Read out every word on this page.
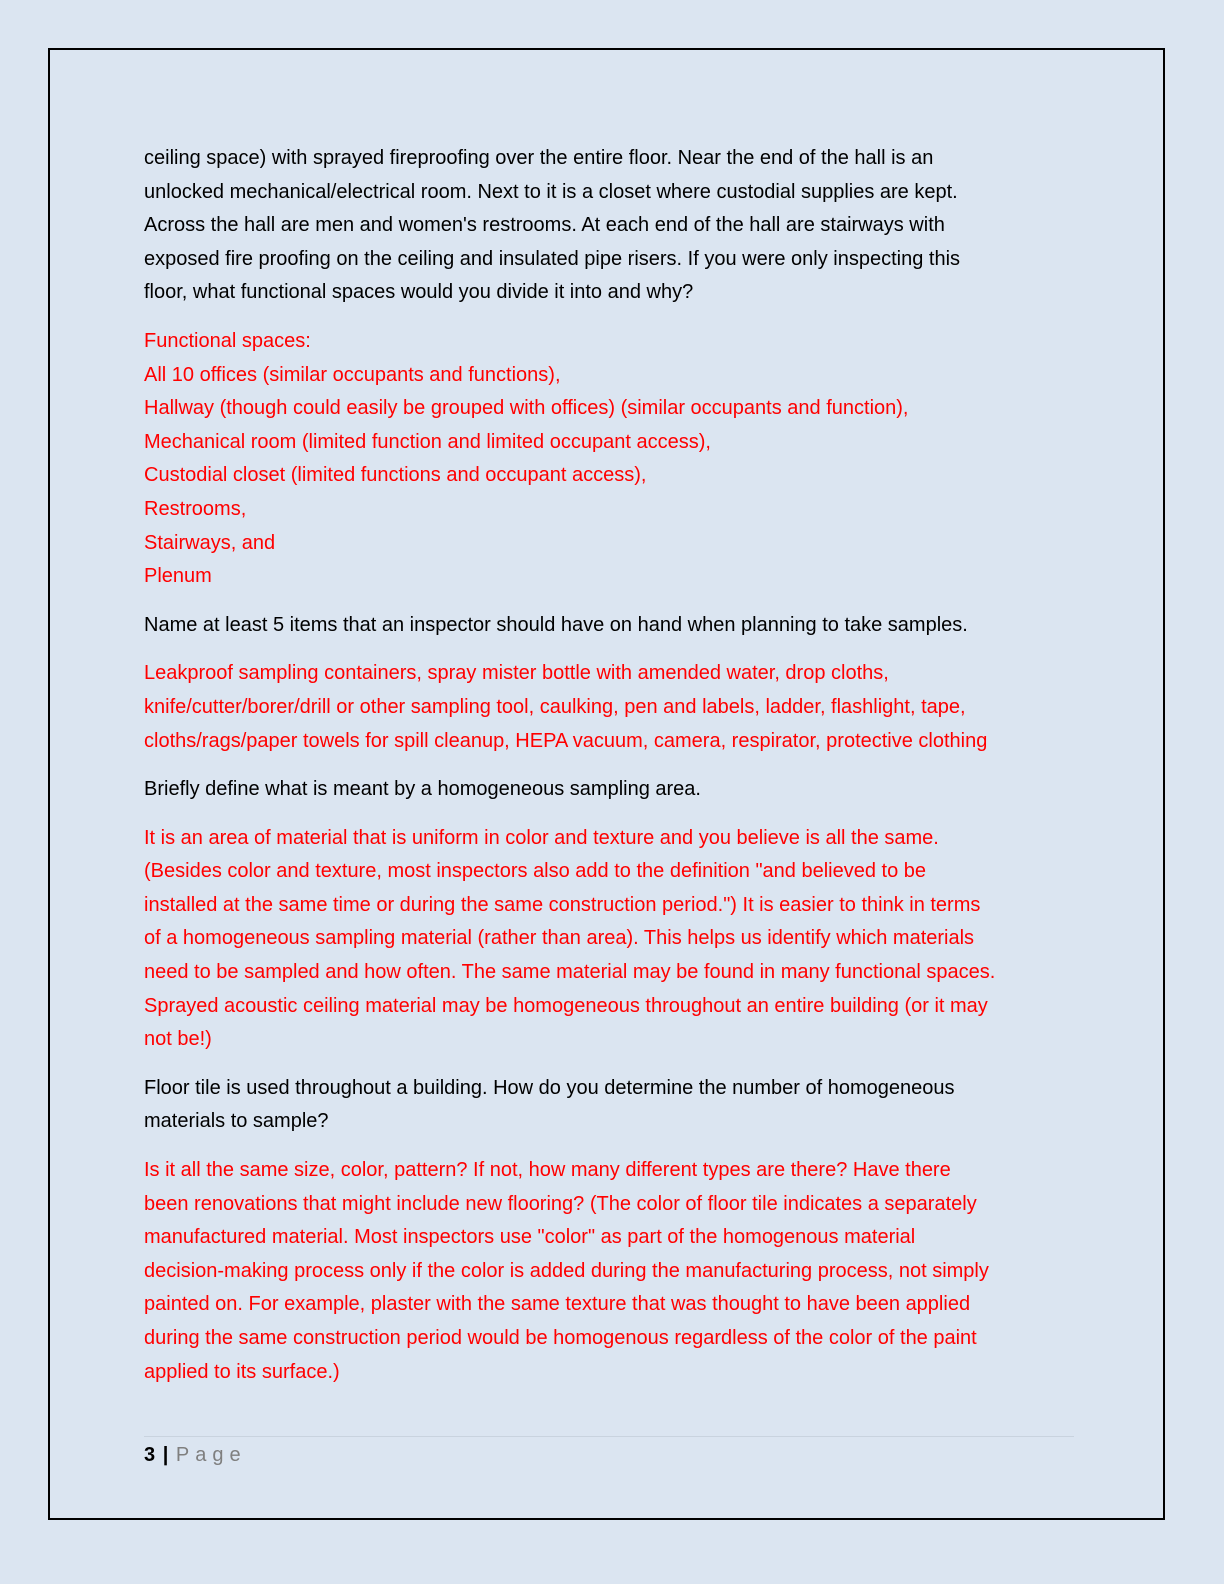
ceiling space) with sprayed fireproofing over the entire floor. Near the end of the hall is an
unlocked mechanical/electrical room. Next to it is a closet where custodial supplies are kept.
Across the hall are men and women's restrooms. At each end of the hall are stairways with
exposed fire proofing on the ceiling and insulated pipe risers. If you were only inspecting this
floor, what functional spaces would you divide it into and why?

Functional spaces:
All 10 offices (similar occupants and functions),
Hallway (though could easily be grouped with offices) (similar occupants and function),
Mechanical room (limited function and limited occupant access),
Custodial closet (limited functions and occupant access),
Restrooms,
Stairways, and
Plenum

Name at least 5 items that an inspector should have on hand when planning to take samples.

Leakproof sampling containers, spray mister bottle with amended water, drop cloths,
knife/cutter/borer/drill or other sampling tool, caulking, pen and labels, ladder, flashlight, tape,
cloths/rags/paper towels for spill cleanup, HEPA vacuum, camera, respirator, protective clothing

Briefly define what is meant by a homogeneous sampling area.

It is an area of material that is uniform in color and texture and you believe is all the same.
(Besides color and texture, most inspectors also add to the definition "and believed to be
installed at the same time or during the same construction period.") It is easier to think in terms
of a homogeneous sampling material (rather than area). This helps us identify which materials
need to be sampled and how often. The same material may be found in many functional spaces.
Sprayed acoustic ceiling material may be homogeneous throughout an entire building (or it may
not be!)

Floor tile is used throughout a building. How do you determine the number of homogeneous
materials to sample?

Is it all the same size, color, pattern? If not, how many different types are there? Have there
been renovations that might include new flooring? (The color of floor tile indicates a separately
manufactured material. Most inspectors use "color" as part of the homogenous material
decision-making process only if the color is added during the manufacturing process, not simply
painted on. For example, plaster with the same texture that was thought to have been applied
during the same construction period would be homogenous regardless of the color of the paint
applied to its surface.)

3 | Page
